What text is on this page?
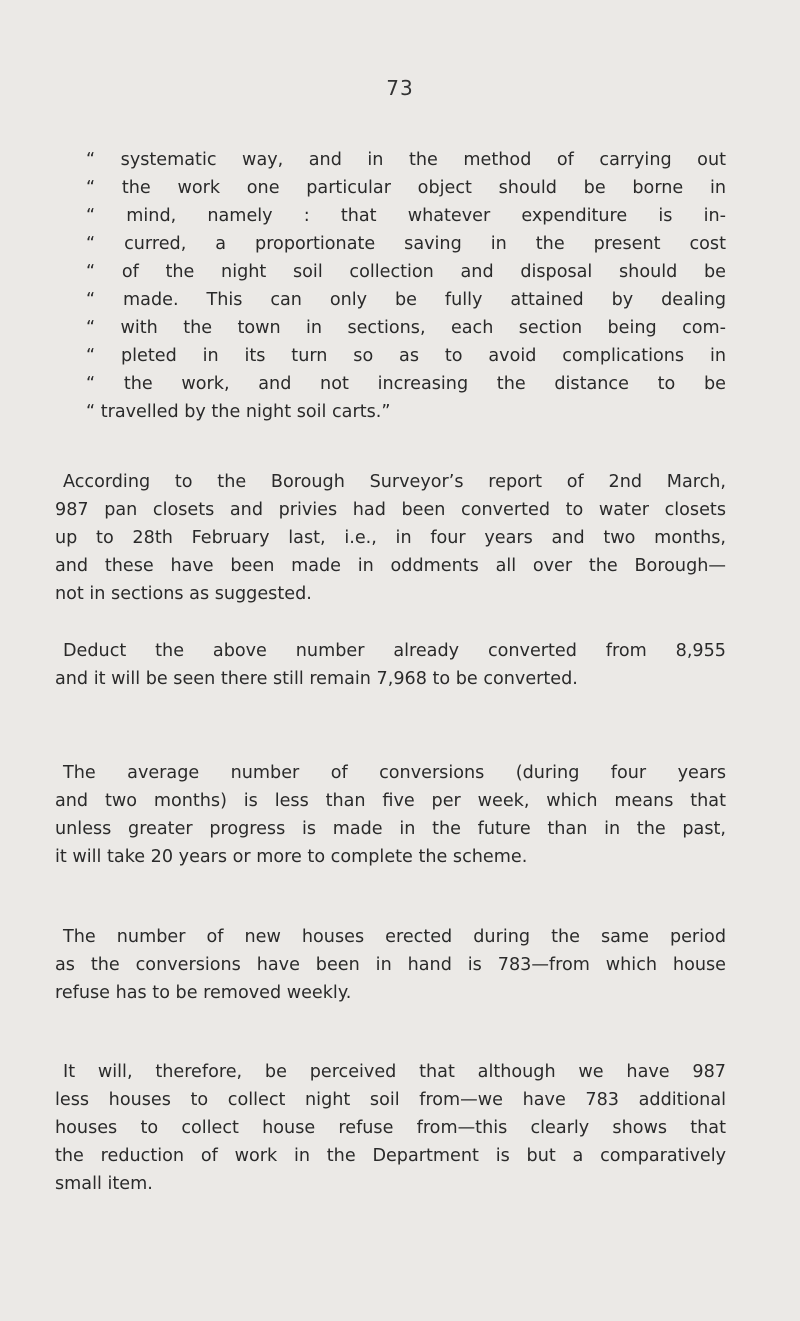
73
“ systematic way, and in the method of carrying out
“ the work one particular object should be borne in
“ mind, namely : that whatever expenditure is in-
“ curred, a proportionate saving in the present cost
“ of the night soil collection and disposal should be
“ made. This can only be fully attained by dealing
“ with the town in sections, each section being com-
“ pleted in its turn so as to avoid complications in
“ the work, and not increasing the distance to be
“ travelled by the night soil carts.”
According to the Borough Surveyor’s report of 2nd March,
987 pan closets and privies had been converted to water closets
up to 28th February last, i.e., in four years and two months,
and these have been made in oddments all over the Borough—
not in sections as suggested.
Deduct the above number already converted from 8,955
and it will be seen there still remain 7,968 to be converted.
The average number of conversions (during four years
and two months) is less than five per week, which means that
unless greater progress is made in the future than in the past,
it will take 20 years or more to complete the scheme.
The number of new houses erected during the same period
as the conversions have been in hand is 783—from which house
refuse has to be removed weekly.
It will, therefore, be perceived that although we have 987
less houses to collect night soil from—we have 783 additional
houses to collect house refuse from—this clearly shows that
the reduction of work in the Department is but a comparatively
small item.
